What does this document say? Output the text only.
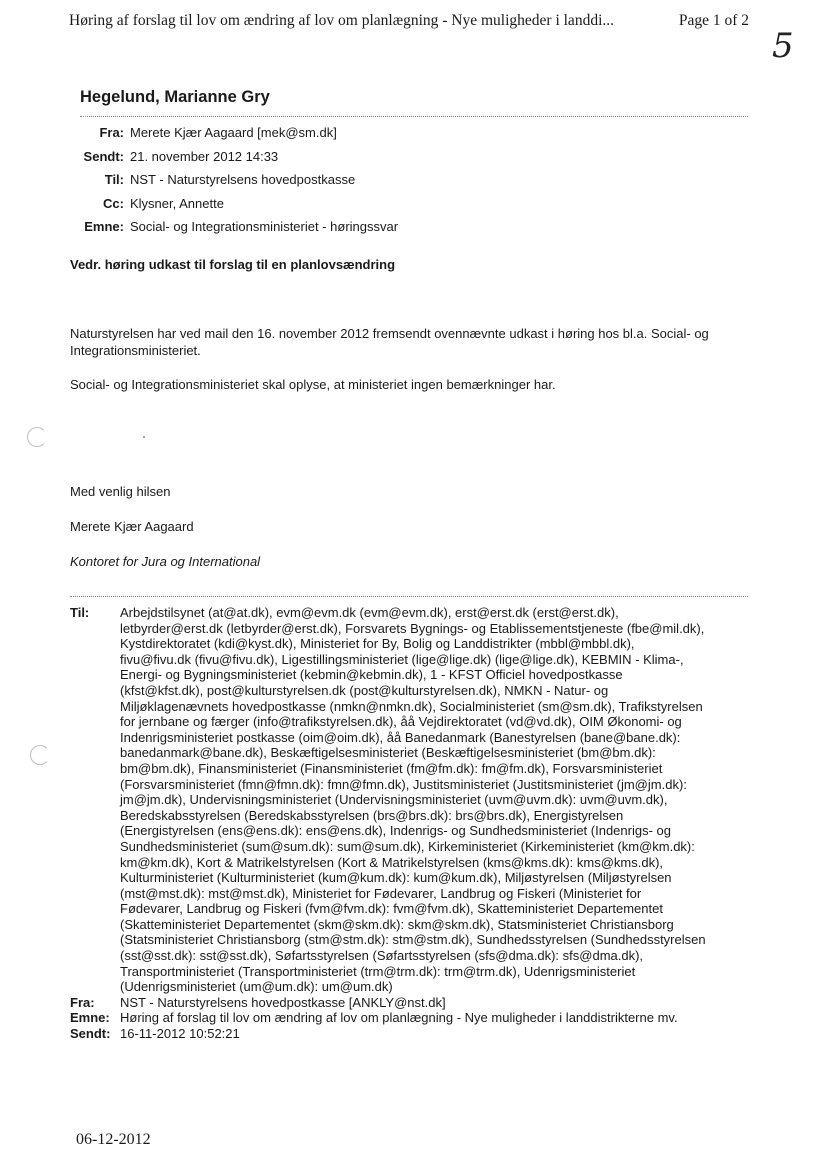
Høring af forslag til lov om ændring af lov om planlægning - Nye muligheder i landdi...	Page 1 of 2
5
Hegelund, Marianne Gry
Fra: Merete Kjær Aagaard [mek@sm.dk]
Sendt: 21. november 2012 14:33
Til: NST - Naturstyrelsens hovedpostkasse
Cc: Klysner, Annette
Emne: Social- og Integrationsministeriet - høringssvar
Vedr. høring udkast til forslag til en planlovsændring
Naturstyrelsen har ved mail den 16. november 2012 fremsendt ovennævnte udkast i høring hos bl.a. Social- og Integrationsministeriet.
Social- og Integrationsministeriet skal oplyse, at ministeriet ingen bemærkninger har.
Med venlig hilsen
Merete Kjær Aagaard
Kontoret for Jura og International
Til:	Arbejdstilsynet (at@at.dk), evm@evm.dk (evm@evm.dk), erst@erst.dk (erst@erst.dk),
letbyrder@erst.dk (letbyrder@erst.dk), Forsvarets Bygnings- og Etablissementstjeneste (fbe@mil.dk),
Kystdirektoratet (kdi@kyst.dk), Ministeriet for By, Bolig og Landdistrikter (mbbl@mbbl.dk),
fivu@fivu.dk (fivu@fivu.dk), Ligestillingsministeriet (lige@lige.dk) (lige@lige.dk), KEBMIN - Klima-,
Energi- og Bygningsministeriet (kebmin@kebmin.dk), 1 - KFST Officiel hovedpostkasse
(kfst@kfst.dk), post@kulturstyrelsen.dk (post@kulturstyrelsen.dk), NMKN - Natur- og
Miljøklagenævnets hovedpostkasse (nmkn@nmkn.dk), Socialministeriet (sm@sm.dk), Trafikstyrelsen
for jernbane og færger (info@trafikstyrelsen.dk), åå Vejdirektoratet (vd@vd.dk), OIM Økonomi- og
Indenrigsministeriet postkasse (oim@oim.dk), åå Banedanmark (Banestyrelsen (bane@bane.dk):
banedanmark@bane.dk), Beskæftigelsesministeriet (Beskæftigelsesministeriet (bm@bm.dk):
bm@bm.dk), Finansministeriet (Finansministeriet (fm@fm.dk): fm@fm.dk), Forsvarsministeriet
(Forsvarsministeriet (fmn@fmn.dk): fmn@fmn.dk), Justitsministeriet (Justitsministeriet (jm@jm.dk):
jm@jm.dk), Undervisningsministeriet (Undervisningsministeriet (uvm@uvm.dk): uvm@uvm.dk),
Beredskabsstyrelsen (Beredskabsstyrelsen (brs@brs.dk): brs@brs.dk), Energistyrelsen
(Energistyrelsen (ens@ens.dk): ens@ens.dk), Indenrigs- og Sundhedsministeriet (Indenrigs- og
Sundhedsministeriet (sum@sum.dk): sum@sum.dk), Kirkeministeriet (Kirkeministeriet (km@km.dk):
km@km.dk), Kort & Matrikelstyrelsen (Kort & Matrikelstyrelsen (kms@kms.dk): kms@kms.dk),
Kulturministeriet (Kulturministeriet (kum@kum.dk): kum@kum.dk), Miljøstyrelsen (Miljøstyrelsen
(mst@mst.dk): mst@mst.dk), Ministeriet for Fødevarer, Landbrug og Fiskeri (Ministeriet for
Fødevarer, Landbrug og Fiskeri (fvm@fvm.dk): fvm@fvm.dk), Skatteministeriet Departementet
(Skatteministeriet Departementet (skm@skm.dk): skm@skm.dk), Statsministeriet Christiansborg
(Statsministeriet Christiansborg (stm@stm.dk): stm@stm.dk), Sundhedsstyrelsen (Sundhedsstyrelsen
(sst@sst.dk): sst@sst.dk), Søfartsstyrelsen (Søfartsstyrelsen (sfs@dma.dk): sfs@dma.dk),
Transportministeriet (Transportministeriet (trm@trm.dk): trm@trm.dk), Udenrigsministeriet
(Udenrigsministeriet (um@um.dk): um@um.dk)
Fra:	NST - Naturstyrelsens hovedpostkasse [ANKLY@nst.dk]
Emne: Høring af forslag til lov om ændring af lov om planlægning - Nye muligheder i landdistrikterne mv.
Sendt: 16-11-2012 10:52:21
06-12-2012
